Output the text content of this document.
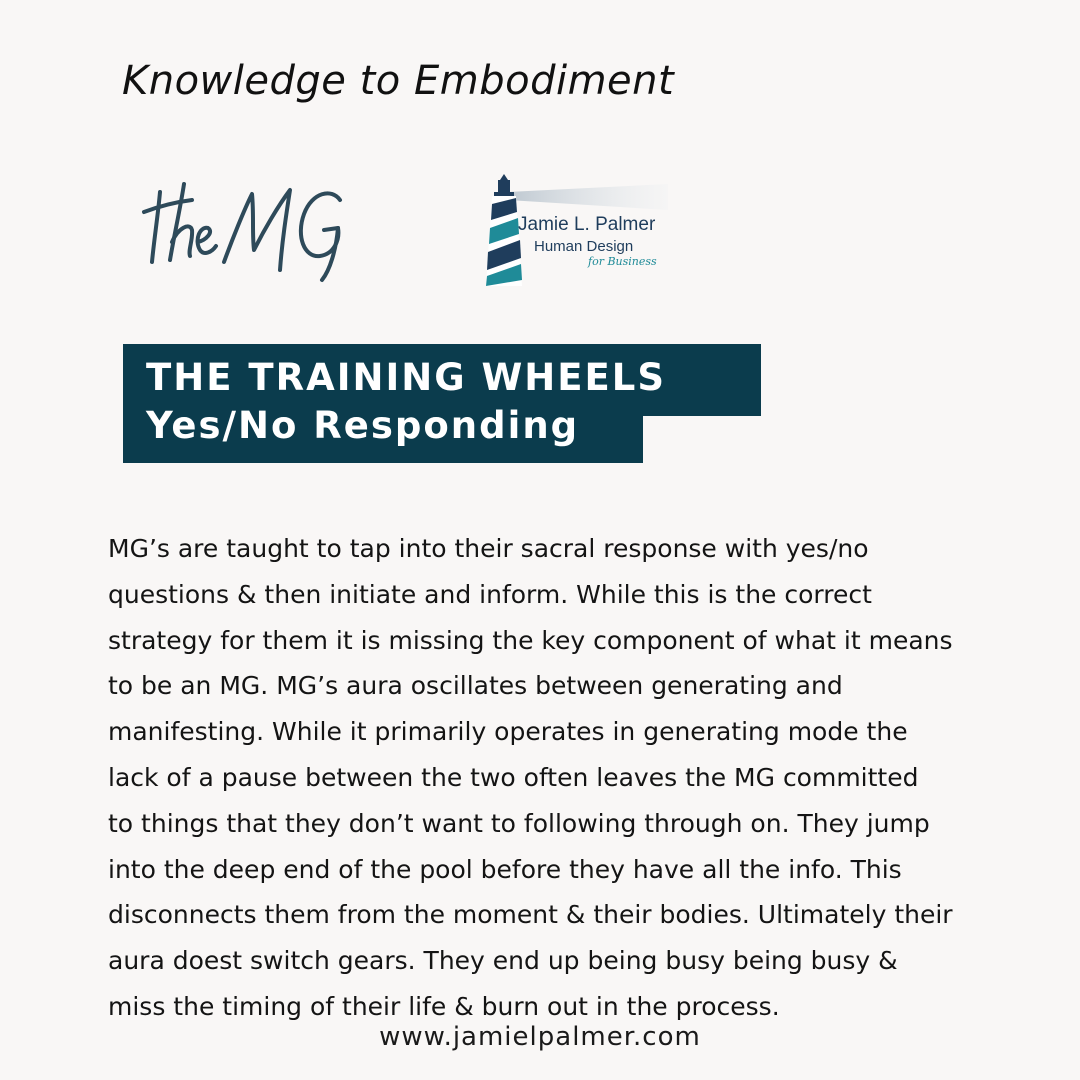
Knowledge to Embodiment
Jamie L. Palmer
Human Design
for Business
THE TRAINING WHEELS
Yes/No Responding

MG’s are taught to tap into their sacral response with yes/no
questions & then initiate and inform. While this is the correct
strategy for them it is missing the key component of what it means
to be an MG. MG’s aura oscillates between generating and
manifesting. While it primarily operates in generating mode the
lack of a pause between the two often leaves the MG committed
to things that they don’t want to following through on. They jump
into the deep end of the pool before they have all the info. This
disconnects them from the moment & their bodies. Ultimately their
aura doest switch gears. They end up being busy being busy &
miss the timing of their life & burn out in the process.

www.jamielpalmer.com
